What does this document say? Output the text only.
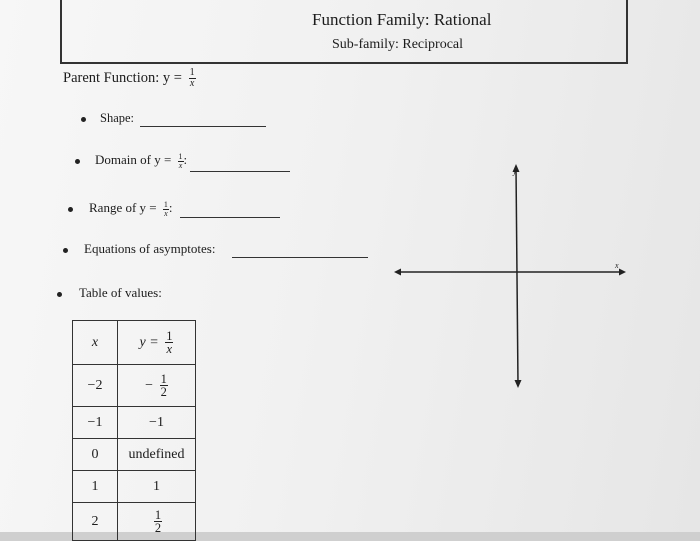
Function Family: Rational
Sub-family: Reciprocal
Parent Function: $y = \frac{1}{x}$
Shape:
Domain of $y = \frac{1}{x}$ :
Range of $y = \frac{1}{x}$ :
Equations of asymptotes:
Table of values:
x	$y = \frac{1}{x}$

−2	− $\frac{1}{2}$

−1	−1
0	undefined
1	1
2	$\frac{1}{2}$
y
x
